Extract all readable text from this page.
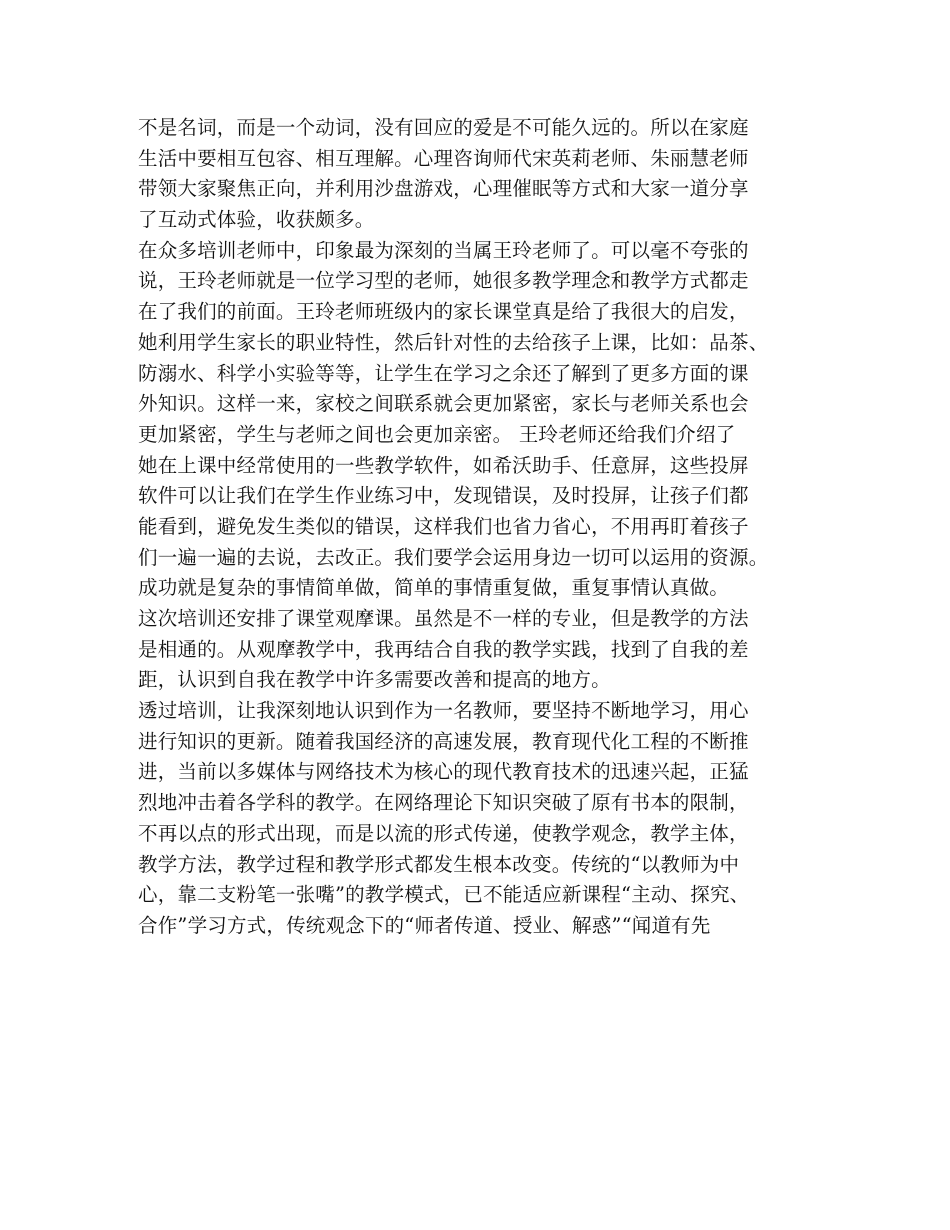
不是名词，而是一个动词，没有回应的爱是不可能久远的。所以在家庭
生活中要相互包容、相互理解。心理咨询师代宋英莉老师、朱丽慧老师
带领大家聚焦正向，并利用沙盘游戏，心理催眠等方式和大家一道分享
了互动式体验，收获颇多。
在众多培训老师中，印象最为深刻的当属王玲老师了。可以毫不夸张的
说，王玲老师就是一位学习型的老师，她很多教学理念和教学方式都走
在了我们的前面。王玲老师班级内的家长课堂真是给了我很大的启发，
她利用学生家长的职业特性，然后针对性的去给孩子上课，比如：品茶、
防溺水、科学小实验等等，让学生在学习之余还了解到了更多方面的课
外知识。这样一来，家校之间联系就会更加紧密，家长与老师关系也会
更加紧密，学生与老师之间也会更加亲密。 王玲老师还给我们介绍了
她在上课中经常使用的一些教学软件，如希沃助手、任意屏，这些投屏
软件可以让我们在学生作业练习中，发现错误，及时投屏，让孩子们都
能看到，避免发生类似的错误，这样我们也省力省心，不用再盯着孩子
们一遍一遍的去说，去改正。我们要学会运用身边一切可以运用的资源。
成功就是复杂的事情简单做，简单的事情重复做，重复事情认真做。
这次培训还安排了课堂观摩课。虽然是不一样的专业，但是教学的方法
是相通的。从观摩教学中，我再结合自我的教学实践，找到了自我的差
距，认识到自我在教学中许多需要改善和提高的地方。
透过培训，让我深刻地认识到作为一名教师，要坚持不断地学习，用心
进行知识的更新。随着我国经济的高速发展，教育现代化工程的不断推
进，当前以多媒体与网络技术为核心的现代教育技术的迅速兴起，正猛
烈地冲击着各学科的教学。在网络理论下知识突破了原有书本的限制，
不再以点的形式出现，而是以流的形式传递，使教学观念，教学主体，
教学方法，教学过程和教学形式都发生根本改变。传统的“以教师为中
心，靠二支粉笔一张嘴”的教学模式，已不能适应新课程“主动、探究、
合作”学习方式，传统观念下的“师者传道、授业、解惑”“闻道有先
